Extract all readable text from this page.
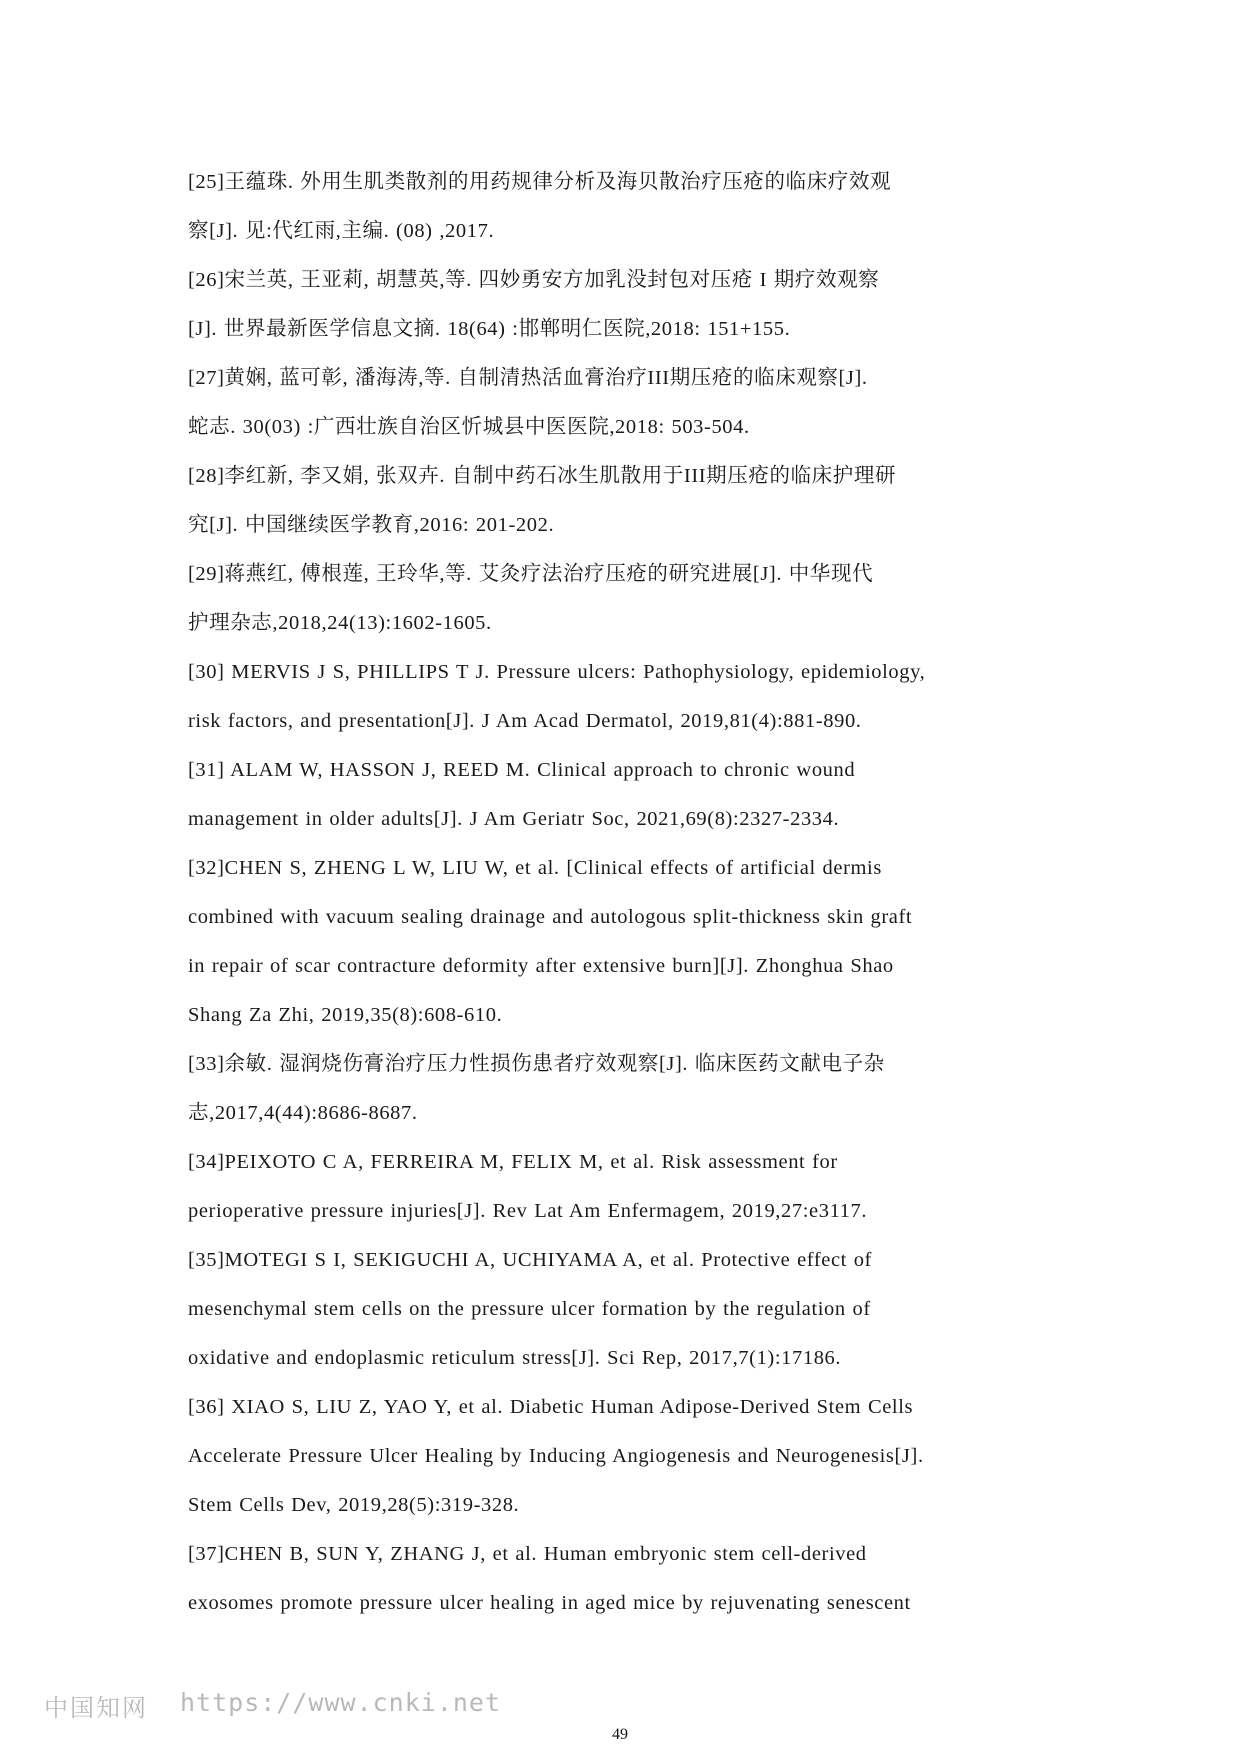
[25]王蕴珠. 外用生肌类散剂的用药规律分析及海贝散治疗压疮的临床疗效观

察[J]. 见:代红雨,主编. (08) ,2017.

[26]宋兰英, 王亚莉, 胡慧英,等. 四妙勇安方加乳没封包对压疮 I 期疗效观察

[J]. 世界最新医学信息文摘. 18(64) :邯郸明仁医院,2018: 151+155.

[27]黄娴, 蓝可彰, 潘海涛,等. 自制清热活血膏治疗III期压疮的临床观察[J].

蛇志. 30(03) :广西壮族自治区忻城县中医医院,2018: 503-504.

[28]李红新, 李又娟, 张双卉. 自制中药石冰生肌散用于III期压疮的临床护理研

究[J]. 中国继续医学教育,2016: 201-202.

[29]蒋燕红, 傅根莲, 王玲华,等. 艾灸疗法治疗压疮的研究进展[J]. 中华现代

护理杂志,2018,24(13):1602-1605.

[30] MERVIS J S, PHILLIPS T J. Pressure ulcers: Pathophysiology, epidemiology,

risk factors, and presentation[J]. J Am Acad Dermatol, 2019,81(4):881-890.

[31] ALAM W, HASSON J, REED M. Clinical approach to chronic wound

management in older adults[J]. J Am Geriatr Soc, 2021,69(8):2327-2334.

[32]CHEN S, ZHENG L W, LIU W, et al. [Clinical effects of artificial dermis

combined with vacuum sealing drainage and autologous split-thickness skin graft

in repair of scar contracture deformity after extensive burn][J]. Zhonghua Shao

Shang Za Zhi, 2019,35(8):608-610.

[33]余敏. 湿润烧伤膏治疗压力性损伤患者疗效观察[J]. 临床医药文献电子杂

志,2017,4(44):8686-8687.

[34]PEIXOTO C A, FERREIRA M, FELIX M, et al. Risk assessment for

perioperative pressure injuries[J]. Rev Lat Am Enfermagem, 2019,27:e3117.

[35]MOTEGI S I, SEKIGUCHI A, UCHIYAMA A, et al. Protective effect of

mesenchymal stem cells on the pressure ulcer formation by the regulation of

oxidative and endoplasmic reticulum stress[J]. Sci Rep, 2017,7(1):17186.

[36] XIAO S, LIU Z, YAO Y, et al. Diabetic Human Adipose-Derived Stem Cells

Accelerate Pressure Ulcer Healing by Inducing Angiogenesis and Neurogenesis[J].

Stem Cells Dev, 2019,28(5):319-328.

[37]CHEN B, SUN Y, ZHANG J, et al. Human embryonic stem cell-derived

exosomes promote pressure ulcer healing in aged mice by rejuvenating senescent

中国知网 https://www.cnki.net
49
